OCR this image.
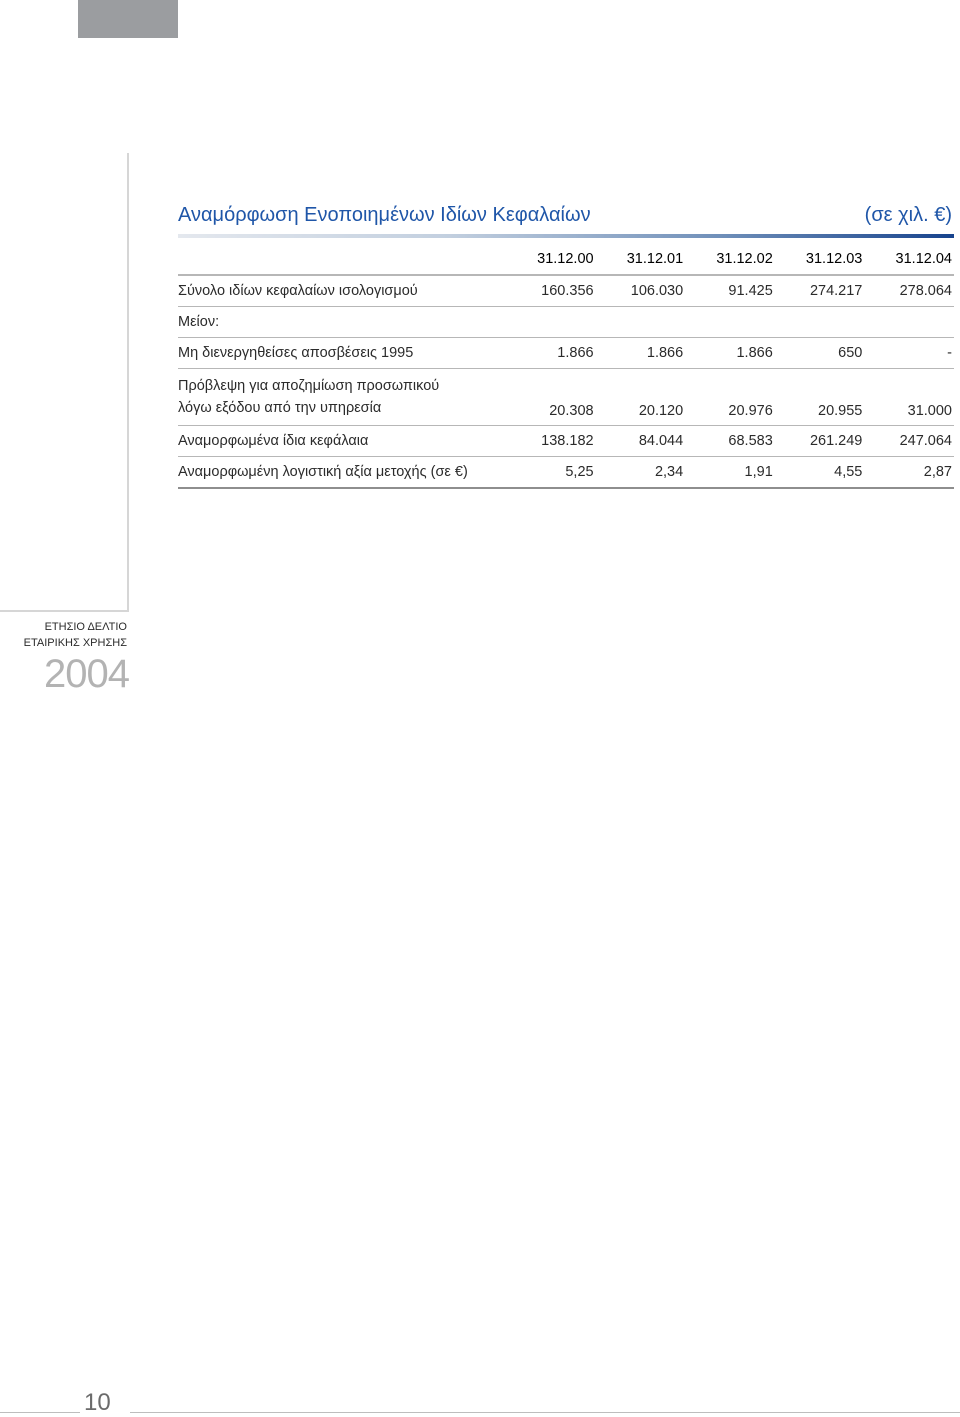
Αναμόρφωση Ενοποιημένων Ιδίων Κεφαλαίων	(σε χιλ. €)
	31.12.00	31.12.01	31.12.02	31.12.03	31.12.04
Σύνολο ιδίων κεφαλαίων ισολογισμού	160.356	106.030	91.425	274.217	278.064
Μείον:					
Μη διενεργηθείσες αποσβέσεις 1995	1.866	1.866	1.866	650	-

Πρόβλεψη για αποζημίωση προσωπικού
λόγω εξόδου από την υπηρεσία	20.308	20.120	20.976	20.955	31.000
Αναμορφωμένα ίδια κεφάλαια	138.182	84.044	68.583	261.249	247.064
Αναμορφωμένη λογιστική αξία μετοχής (σε €)	5,25	2,34	1,91	4,55	2,87
ΕΤΗΣΙΟ ΔΕΛΤΙΟ
ΕΤΑΙΡΙΚΗΣ ΧΡΗΣΗΣ
2004
10
